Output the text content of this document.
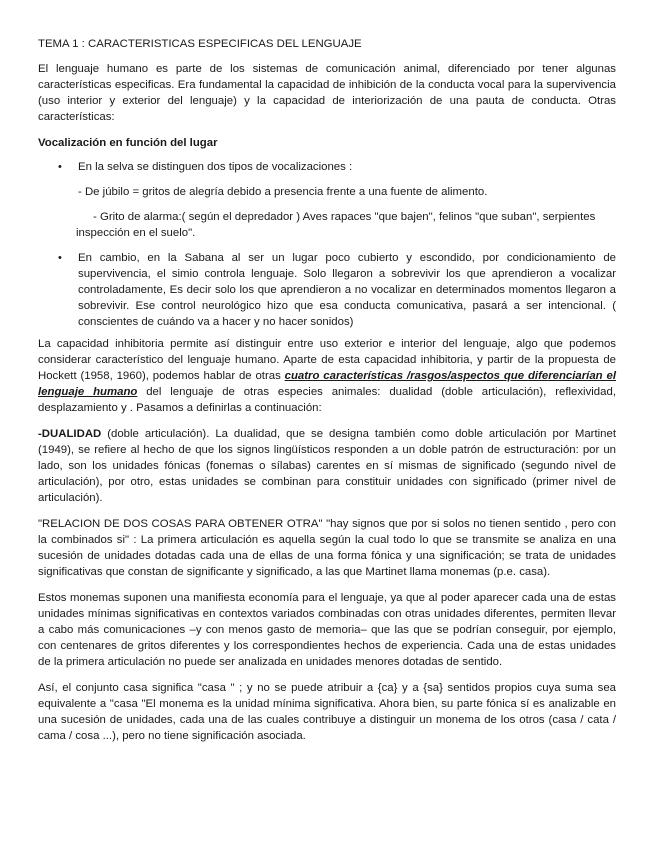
TEMA 1 : CARACTERISTICAS ESPECIFICAS DEL LENGUAJE

El lenguaje humano es parte de los sistemas de comunicación animal, diferenciado por tener algunas características especificas. Era fundamental la capacidad de inhibición de la conducta vocal para la supervivencia (uso interior y exterior del lenguaje) y la capacidad de interiorización de una pauta de conducta. Otras características:

Vocalización en función del lugar

• En la selva se distinguen dos tipos de vocalizaciones :

- De júbilo = gritos de alegría debido a presencia frente a una fuente de alimento.

- Grito de alarma:( según el depredador ) Aves rapaces "que bajen", felinos "que suban", serpientes inspección en el suelo".

• En cambio, en la Sabana al ser un lugar poco cubierto y escondido, por condicionamiento de supervivencia, el simio controla lenguaje. Solo llegaron a sobrevivir los que aprendieron a vocalizar controladamente, Es decir solo los que aprendieron a no vocalizar en determinados momentos llegaron a sobrevivir. Ese control neurológico hizo que esa conducta comunicativa, pasará a ser intencional. ( conscientes de cuándo va a hacer y no hacer sonidos)

La capacidad inhibitoria permite así distinguir entre uso exterior e interior del lenguaje, algo que podemos considerar característico del lenguaje humano. Aparte de esta capacidad inhibitoria, y partir de la propuesta de Hockett (1958, 1960), podemos hablar de otras cuatro características /rasgos/aspectos que diferenciarían el lenguaje humano del lenguaje de otras especies animales: dualidad (doble articulación), reflexividad, desplazamiento y . Pasamos a definirlas a continuación:

-DUALIDAD (doble articulación). La dualidad, que se designa también como doble articulación por Martinet (1949), se refiere al hecho de que los signos lingüísticos responden a un doble patrón de estructuración: por un lado, son los unidades fónicas (fonemas o sílabas) carentes en sí mismas de significado (segundo nivel de articulación), por otro, estas unidades se combinan para constituir unidades con significado (primer nivel de articulación).

"RELACION DE DOS COSAS PARA OBTENER OTRA" "hay signos que por si solos no tienen sentido , pero con la combinados si" : La primera articulación es aquella según la cual todo lo que se transmite se analiza en una sucesión de unidades dotadas cada una de ellas de una forma fónica y una significación; se trata de unidades significativas que constan de significante y significado, a las que Martinet llama monemas (p.e. casa).

Estos monemas suponen una manifiesta economía para el lenguaje, ya que al poder aparecer cada una de estas unidades mínimas significativas en contextos variados combinadas con otras unidades diferentes, permiten llevar a cabo más comunicaciones –y con menos gasto de memoria– que las que se podrían conseguir, por ejemplo, con centenares de gritos diferentes y los correspondientes hechos de experiencia. Cada una de estas unidades de la primera articulación no puede ser analizada en unidades menores dotadas de sentido.

Así, el conjunto casa significa "casa " ; y no se puede atribuir a {ca} y a {sa} sentidos propios cuya suma sea equivalente a "casa "El monema es la unidad mínima significativa. Ahora bien, su parte fónica sí es analizable en una sucesión de unidades, cada una de las cuales contribuye a distinguir un monema de los otros (casa / cata / cama / cosa ...), pero no tiene significación asociada.
